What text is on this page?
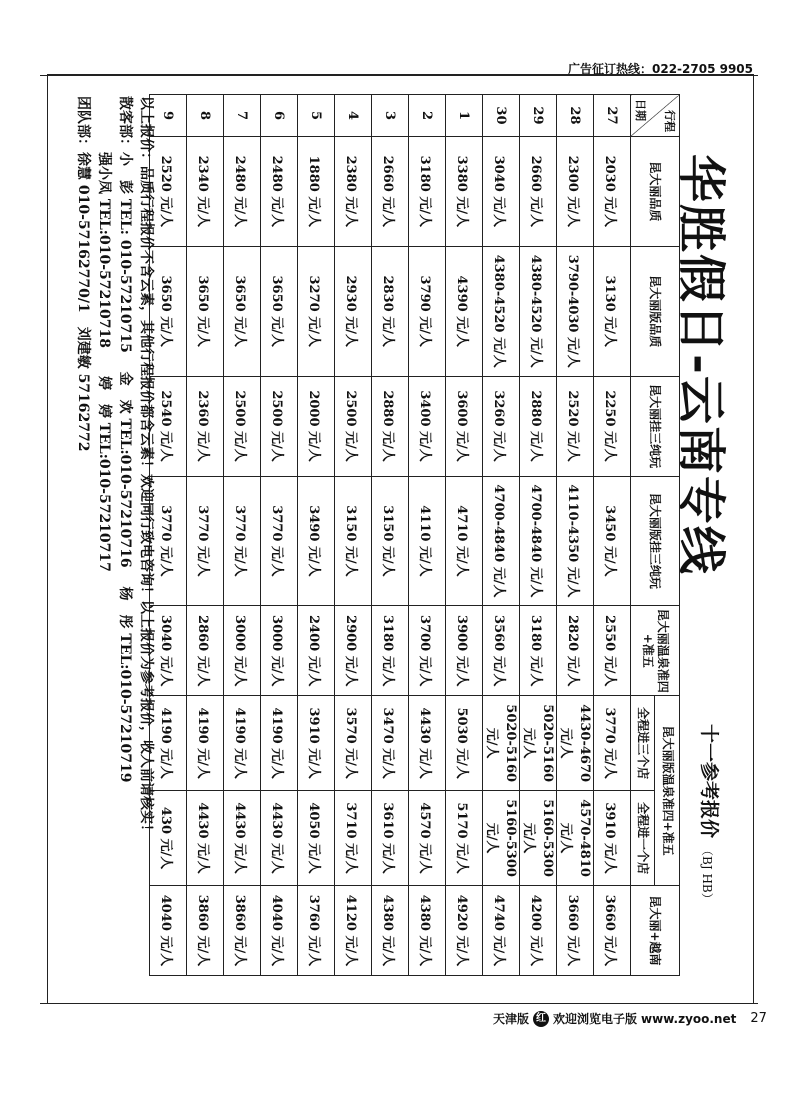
广告征订热线：022-2705 9905
华胜假日-云南专线
十一参考报价（BJ HB）
行程
日期	昆大丽品质	昆大丽版品质	昆大丽挂三纯玩	昆大丽版挂三纯玩	昆大丽温泉准四+准五	昆大丽版温泉准四+准五		昆大丽+越南
						全程进三个店	全程进一个店	
27	2030 元/人	3130 元/人	2250 元/人	3450 元/人	2550 元/人	3770 元/人	3910 元/人	3660 元/人
28	2300 元/人	3790-4030 元/人	2520 元/人	4110-4350 元/人	2820 元/人	4430-4670 元/人	4570-4810 元/人	3660 元/人
29	2660 元/人	4380-4520 元/人	2880 元/人	4700-4840 元/人	3180 元/人	5020-5160 元/人	5160-5300 元/人	4200 元/人
30	3040 元/人	4380-4520 元/人	3260 元/人	4700-4840 元/人	3560 元/人	5020-5160 元/人	5160-5300 元/人	4740 元/人
1	3380 元/人	4390 元/人	3600 元/人	4710 元/人	3900 元/人	5030 元/人	5170 元/人	4920 元/人
2	3180 元/人	3790 元/人	3400 元/人	4110 元/人	3700 元/人	4430 元/人	4570 元/人	4380 元/人
3	2660 元/人	2830 元/人	2880 元/人	3150 元/人	3180 元/人	3470 元/人	3610 元/人	4380 元/人
4	2380 元/人	2930 元/人	2500 元/人	3150 元/人	2900 元/人	3570 元/人	3710 元/人	4120 元/人
5	1880 元/人	3270 元/人	2000 元/人	3490 元/人	2400 元/人	3910 元/人	4050 元/人	3760 元/人
6	2480 元/人	3650 元/人	2500 元/人	3770 元/人	3000 元/人	4190 元/人	4430 元/人	4040 元/人
7	2480 元/人	3650 元/人	2500 元/人	3770 元/人	3000 元/人	4190 元/人	4430 元/人	3860 元/人
8	2340 元/人	3650 元/人	2360 元/人	3770 元/人	2860 元/人	4190 元/人	4430 元/人	3860 元/人
9	2520 元/人	3650 元/人	2540 元/人	3770 元/人	3040 元/人	4190 元/人	430 元/人	4040 元/人
以上报价：品质行程报价不含云素，其他行程报价都含云素！欢迎同行致电咨询！以上报价为参考报价，收人前请核实！
散客部：小　彭 TEL: 010-57210715　 金　欢 TEL:010-57210716　 杨　彤 TEL:010-57210719
　　　　强小凤 TEL:010-57210718　　婷　婷 TEL:010-57210717
团队部：徐慧 010-57162770/1　刘建敏 57162772
天津版 红 欢迎浏览电子版 www.zyoo.net 27
